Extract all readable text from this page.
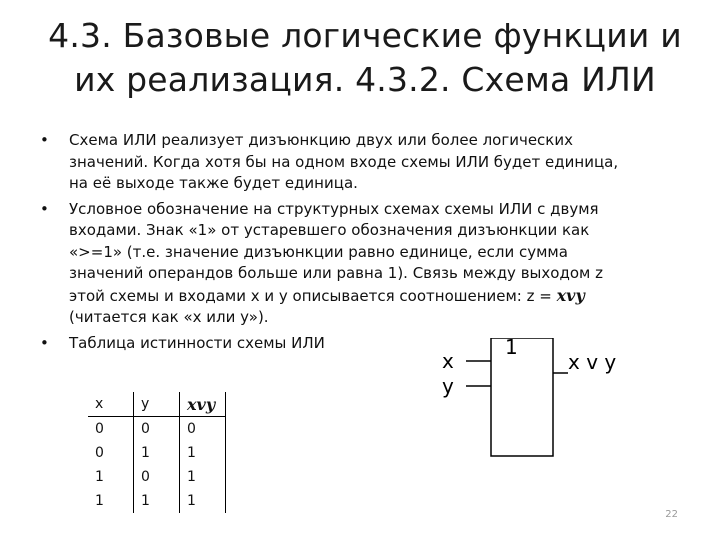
4.3. Базовые логические функции и
их реализация. 4.3.2. Схема ИЛИ
• Схема ИЛИ реализует дизъюнкцию двух или более логических

значений. Когда хотя бы на одном входе схемы ИЛИ будет единица,

на её выходе также будет единица.

• Условное обозначение на структурных схемах схемы ИЛИ с двумя

входами. Знак «1» от устаревшего обозначения дизъюнкции как

«>=1» (т.е. значение дизъюнкции равно единице, если сумма

значений операндов больше или равна 1). Связь между выходом z

этой схемы и входами x и y описывается соотношением: z = xvy

(читается как «x или y»).

• Таблица истинности схемы ИЛИ

x	y	xvy
0	0	0
0	1	1
1	0	1
1	1	1
x
y
1
x v y
22
